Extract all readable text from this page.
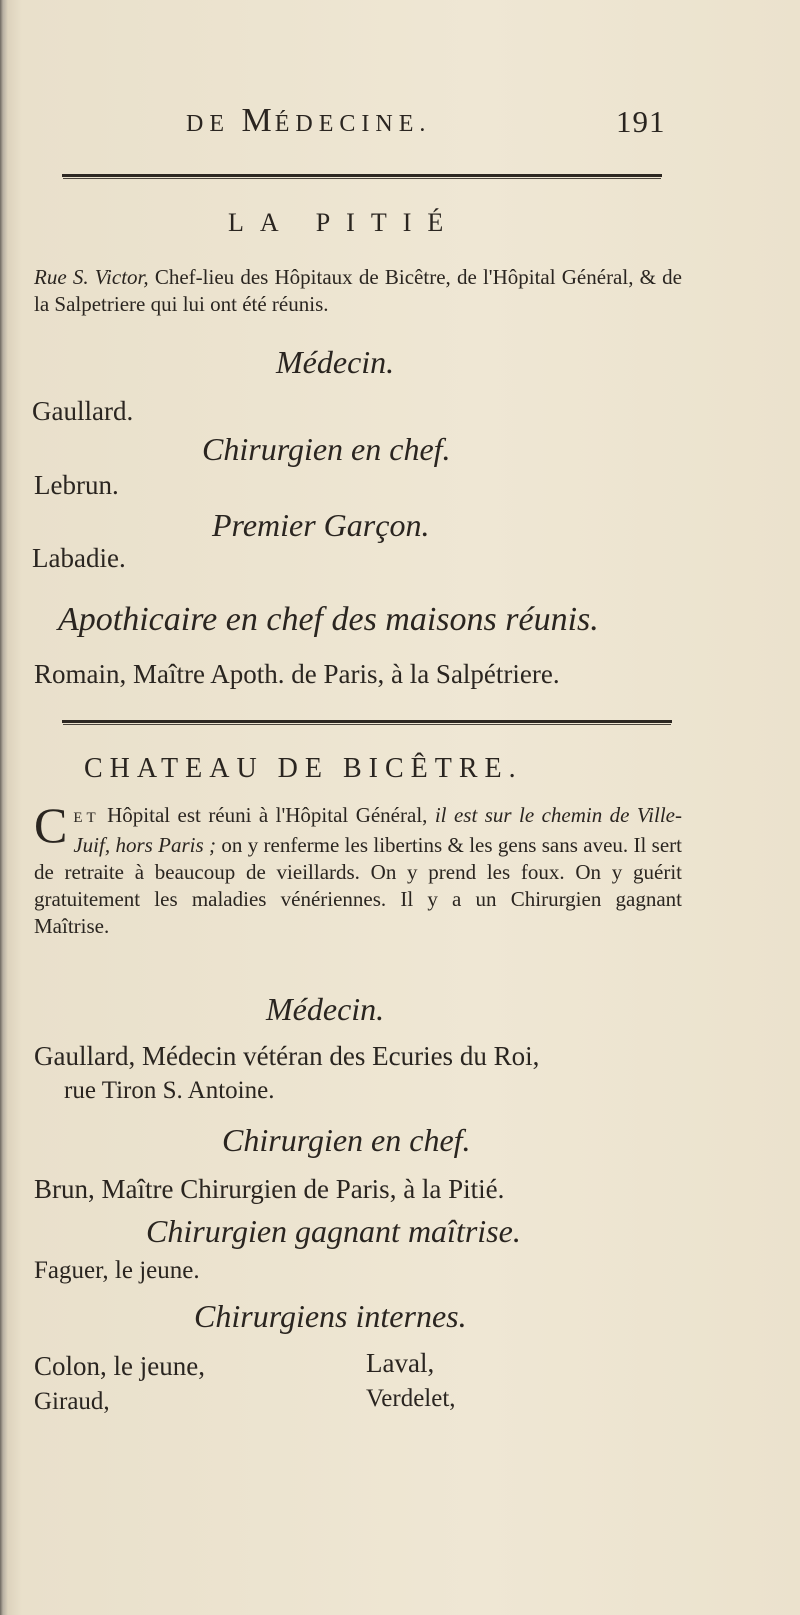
DE MÉDECINE.	191
LA PITIÉ
Rue S. Victor, Chef-lieu des Hôpitaux de Bicêtre, de l'Hôpital Général, & de la Salpetriere qui lui ont été réunis.
Médecin.
Gaullard.
Chirurgien en chef.
Lebrun.
Premier Garçon.
Labadie.
Apothicaire en chef des maisons réunis.
Romain, Maître Apoth. de Paris, à la Salpétriere.
CHATEAU DE BICÊTRE.
CET Hôpital est réuni à l'Hôpital Général, il est sur le chemin de Ville-Juif, hors Paris ; on y renferme les libertins & les gens sans aveu. Il sert de retraite à beaucoup de vieillards. On y prend les foux. On y guérit gratuitement les maladies vénériennes. Il y a un Chirurgien gagnant Maîtrise.
Médecin.
Gaullard, Médecin vétéran des Ecuries du Roi,
rue Tiron S. Antoine.
Chirurgien en chef.
Brun, Maître Chirurgien de Paris, à la Pitié.
Chirurgien gagnant maîtrise.
Faguer, le jeune.
Chirurgiens internes.
Colon, le jeune,	Laval,
Giraud,	Verdelet,
